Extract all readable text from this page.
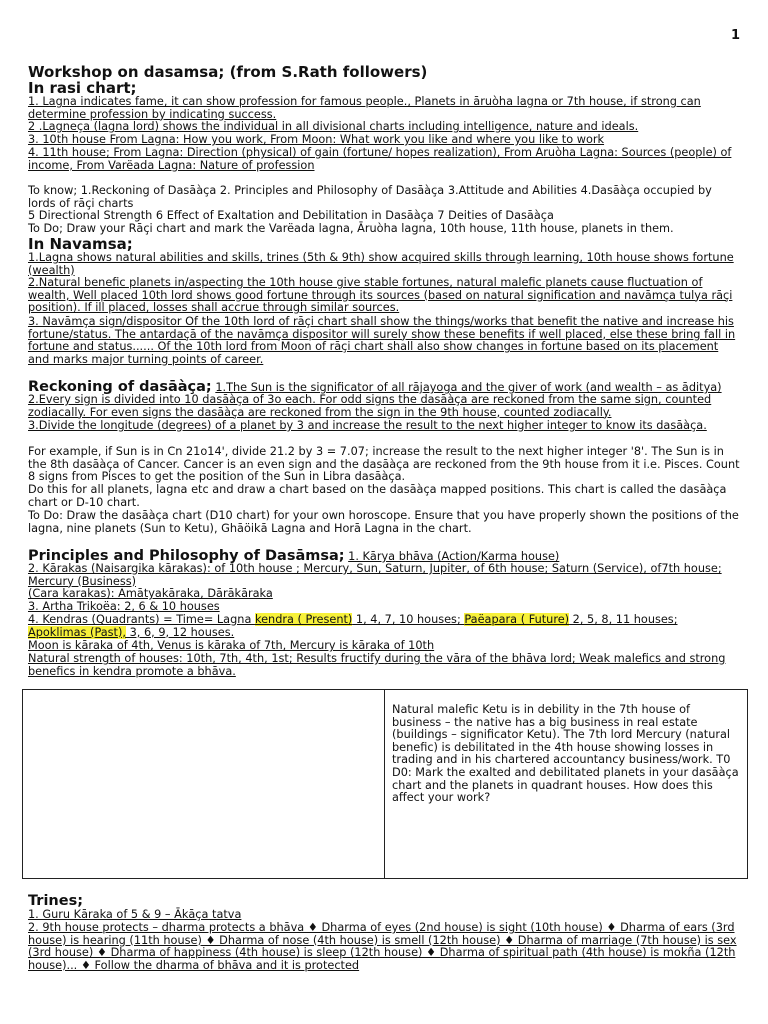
1
Workshop on dasamsa; (from S.Rath followers)
In rasi chart;

1. Lagna indicates fame, it can show profession for famous people., Planets in āruòha lagna or 7th house, if strong can determine profession by indicating success.

2 .Lagneça (lagna lord) shows the individual in all divisional charts including intelligence, nature and ideals.

3. 10th house From Lagna: How you work, From Moon: What work you like and where you like to work

4. 11th house; From Lagna: Direction (physical) of gain (fortune/ hopes realization), From Aruòha Lagna: Sources (people) of income, From Varëada Lagna: Nature of profession

To know; 1.Reckoning of Dasāàça 2. Principles and Philosophy of Dasāàça 3.Attitude and Abilities 4.Dasāàça occupied by lords of rāçi charts

5 Directional Strength 6 Effect of Exaltation and Debilitation in Dasāàça 7 Deities of Dasāàça

To Do; Draw your Rāçi chart and mark the Varëada lagna, Āruòha lagna, 10th house, 11th house, planets in them.

In Navamsa;

1.Lagna shows natural abilities and skills, trines (5th & 9th) show acquired skills through learning, 10th house shows fortune (wealth)

2.Natural benefic planets in/aspecting the 10th house give stable fortunes, natural malefic planets cause fluctuation of wealth, Well placed 10th lord shows good fortune through its sources (based on natural signification and navāmça tulya rāçi position). If ill placed, losses shall accrue through similar sources.

3. Navāmça sign/dispositor Of the 10th lord of rāçi chart shall show the things/works that benefit the native and increase his fortune/status. The antardaçā of the navāmça dispositor will surely show these benefits if well placed, else these bring fall in fortune and status...... Of the 10th lord from Moon of rāçi chart shall also show changes in fortune based on its placement and marks major turning points of career.

Reckoning of dasāàça; 1.The Sun is the significator of all rājayoga and the giver of work (and wealth – as āditya)

2.Every sign is divided into 10 dasāàça of 3o each. For odd signs the dasāàça are reckoned from the same sign, counted zodiacally. For even signs the dasāàça are reckoned from the sign in the 9th house, counted zodiacally.

3.Divide the longitude (degrees) of a planet by 3 and increase the result to the next higher integer to know its dasāàça.

For example, if Sun is in Cn 21o14', divide 21.2 by 3 = 7.07; increase the result to the next higher integer '8'. The Sun is in the 8th dasāàça of Cancer. Cancer is an even sign and the dasāàça are reckoned from the 9th house from it i.e. Pisces. Count 8 signs from Pisces to get the position of the Sun in Libra dasāàça.

Do this for all planets, lagna etc and draw a chart based on the dasāàça mapped positions. This chart is called the dasāàça chart or D-10 chart.

To Do: Draw the dasāàça chart (D10 chart) for your own horoscope. Ensure that you have properly shown the positions of the lagna, nine planets (Sun to Ketu), Ghāöikā Lagna and Horā Lagna in the chart.

Principles and Philosophy of Dasāmsa; 1. Kārya bhāva (Action/Karma house)

2. Kārakas (Naisargika kārakas): of 10th house ; Mercury, Sun, Saturn, Jupiter, of 6th house; Saturn (Service), of7th house; Mercury (Business)

(Cara karakas): Amātyakāraka, Dārākāraka

3. Artha Trikoëa: 2, 6 & 10 houses

4. Kendras (Quadrants) = Time= Lagna kendra ( Present) 1, 4, 7, 10 houses; Paëapara ( Future) 2, 5, 8, 11 houses;
Apoklimas (Past), 3, 6, 9, 12 houses.

Moon is kāraka of 4th, Venus is kāraka of 7th, Mercury is kāraka of 10th

Natural strength of houses: 10th, 7th, 4th, 1st; Results fructify during the vāra of the bhāva lord; Weak malefics and strong benefics in kendra promote a bhāva.

Natural malefic Ketu is in debility in the 7th house of business – the native has a big business in real estate (buildings – significator Ketu). The 7th lord Mercury (natural benefic) is debilitated in the 4th house showing losses in trading and in his chartered accountancy business/work. T0 D0: Mark the exalted and debilitated planets in your dasāàça chart and the planets in quadrant houses. How does this affect your work?

Trines;

1. Guru Kāraka of 5 & 9 – Ākāça tatva

2. 9th house protects – dharma protects a bhāva ♦ Dharma of eyes (2nd house) is sight (10th house) ♦ Dharma of ears (3rd house) is hearing (11th house) ♦ Dharma of nose (4th house) is smell (12th house) ♦ Dharma of marriage (7th house) is sex (3rd house) ♦ Dharma of happiness (4th house) is sleep (12th house) ♦ Dharma of spiritual path (4th house) is mokña (12th house)... ♦ Follow the dharma of bhāva and it is protected
